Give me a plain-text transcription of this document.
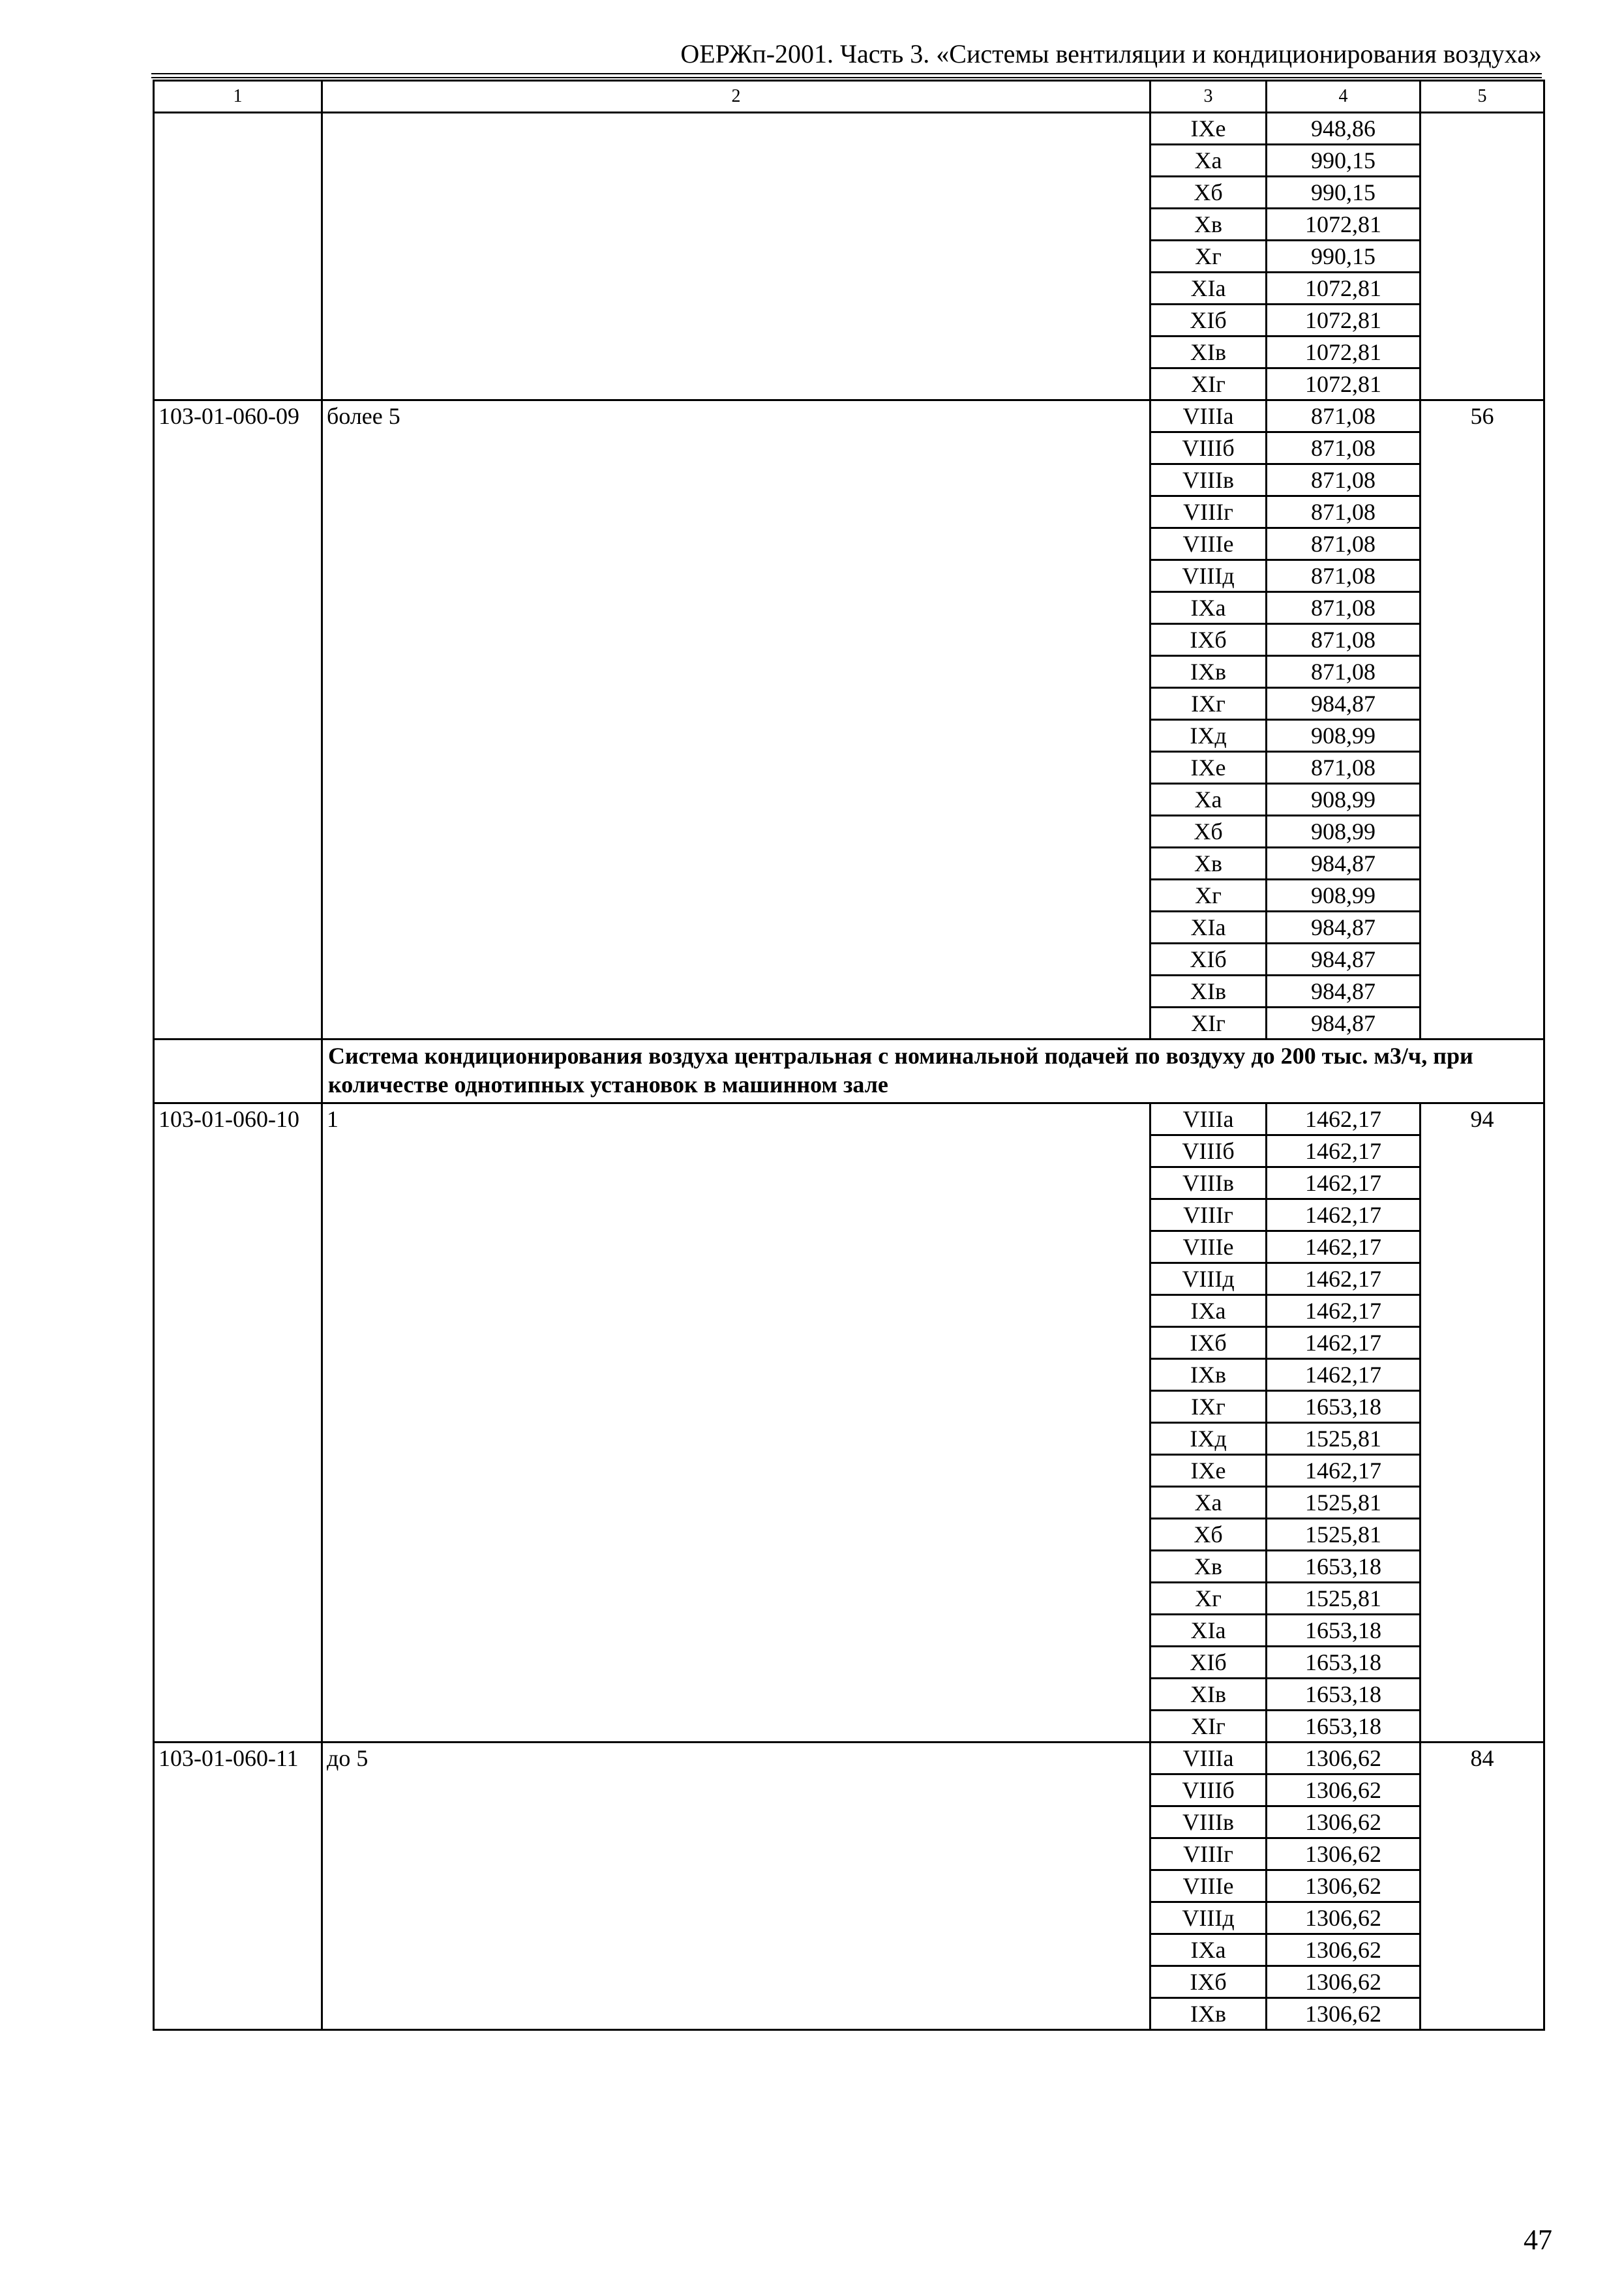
ОЕРЖп-2001. Часть 3. «Системы вентиляции и кондиционирования воздуха»
1	2	3	4	5
		IXе	948,86	
		Xа	990,15	
		Xб	990,15	
		Xв	1072,81	
		Xг	990,15	
		XIа	1072,81	
		XIб	1072,81	
		XIв	1072,81	
		XIг	1072,81	
103-01-060-09	более 5	VIIIа	871,08	56
		VIIIб	871,08	
		VIIIв	871,08	
		VIIIг	871,08	
		VIIIе	871,08	
		VIIIд	871,08	
		IXа	871,08	
		IXб	871,08	
		IXв	871,08	
		IXг	984,87	
		IXд	908,99	
		IXе	871,08	
		Xа	908,99	
		Xб	908,99	
		Xв	984,87	
		Xг	908,99	
		XIа	984,87	
		XIб	984,87	
		XIв	984,87	
		XIг	984,87	
	Система кондиционирования воздуха центральная с номинальной подачей по воздуху до 200 тыс. м3/ч, при количестве однотипных установок в машинном зале			
103-01-060-10	1	VIIIа	1462,17	94
		VIIIб	1462,17	
		VIIIв	1462,17	
		VIIIг	1462,17	
		VIIIе	1462,17	
		VIIIд	1462,17	
		IXа	1462,17	
		IXб	1462,17	
		IXв	1462,17	
		IXг	1653,18	
		IXд	1525,81	
		IXе	1462,17	
		Xа	1525,81	
		Xб	1525,81	
		Xв	1653,18	
		Xг	1525,81	
		XIа	1653,18	
		XIб	1653,18	
		XIв	1653,18	
		XIг	1653,18	
103-01-060-11	до 5	VIIIа	1306,62	84
		VIIIб	1306,62	
		VIIIв	1306,62	
		VIIIг	1306,62	
		VIIIе	1306,62	
		VIIIд	1306,62	
		IXа	1306,62	
		IXб	1306,62	
		IXв	1306,62	
47
